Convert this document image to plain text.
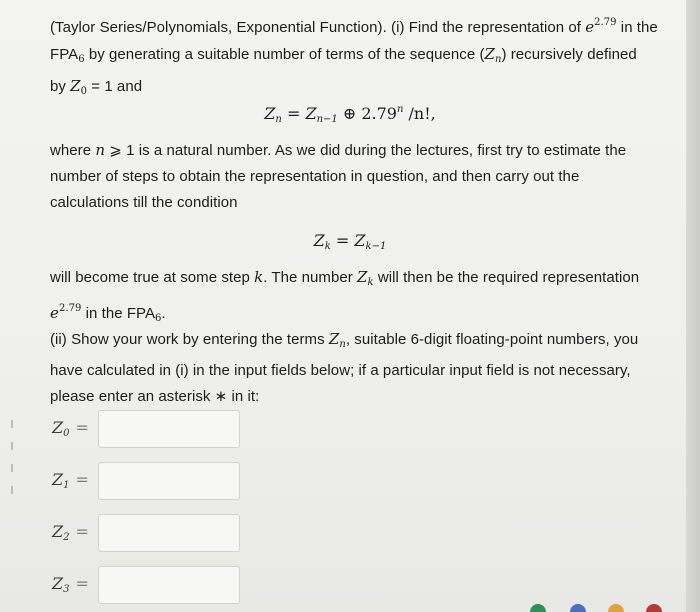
(Taylor Series/Polynomials, Exponential Function). (i) Find the representation of $e^{2.79}$ in the
$FPA_6$ by generating a suitable number of terms of the sequence $(Z_n)$ recursively defined
by $Z_0 = 1$ and
$Z_n = Z_{n-1}$ ⊕ 2.79$^n$ /n!,
where n ⩾ 1 is a natural number. As we did during the lectures, first try to estimate the
number of steps to obtain the representation in question, and then carry out the
calculations till the condition
$Z_k = Z_{k-1}$
will become true at some step k. The number $Z_k$ will then be the required representation
$e^{2.79}$ in the $FPA_6$.
(ii) Show your work by entering the terms $Z_n$, suitable 6-digit floating-point numbers, you
have calculated in (i) in the input fields below; if a particular input field is not necessary,
please enter an asterisk ∗ in it:
$Z_0$ =
$Z_1$ =
$Z_2$ =
$Z_3$ =
